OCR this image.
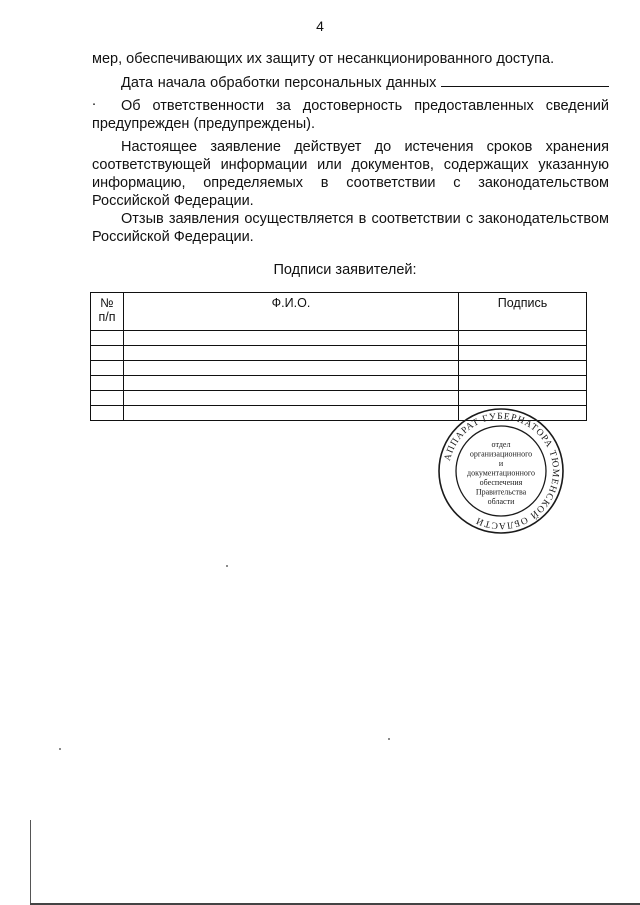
4

мер, обеспечивающих их защиту от несанкционированного доступа.

Дата начала обработки персональных данных .	Об ответственности за достоверность предоставленных сведений предупрежден (предупреждены).

Настоящее заявление действует до истечения сроков хранения соответствующей информации или документов, содержащих указанную информацию, определяемых в соответствии с законодательством Российской Федерации.

Отзыв заявления осуществляется в соответствии с законодательством Российской Федерации.

Подписи заявителей:
№
п/п	Ф.И.О.	Подпись

АППАРАТ ГУБЕРНАТОРА ТЮМЕНСКОЙ ОБЛАСТИ
отдел
организационного
и
документационного
обеспечения
Правительства
области
